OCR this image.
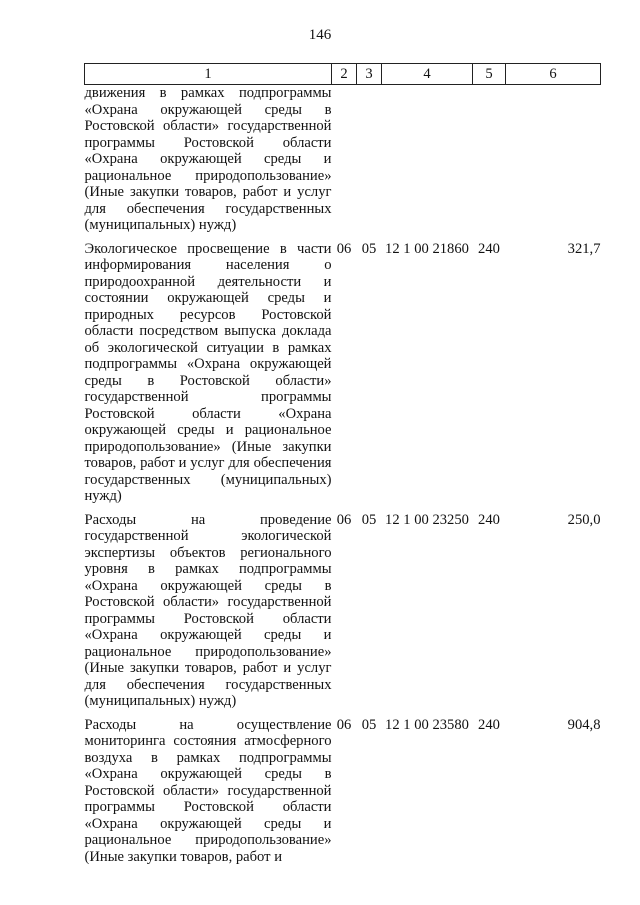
146
1	2	3	4	5	6
движения в рамках подпрограммы «Охрана окружающей среды в Ростовской области» государственной программы Ростовской области «Охрана окружающей среды и рациональное природопользование» (Иные закупки товаров, работ и услуг для обеспечения государственных (муниципальных) нужд)					

Экологическое просвещение в части информирования населения о природоохранной деятельности и состоянии окружающей среды и природных ресурсов Ростовской области посредством выпуска доклада об экологической ситуации в рамках подпрограммы «Охрана окружающей среды в Ростовской области» государственной программы Ростовской области «Охрана окружающей среды и рациональное природопользование» (Иные закупки товаров, работ и услуг для обеспечения государственных (муниципальных) нужд)	06	05	12 1 00 21860	240	321,7

Расходы на проведение государственной экологической экспертизы объектов регионального уровня в рамках подпрограммы «Охрана окружающей среды в Ростовской области» государственной программы Ростовской области «Охрана окружающей среды и рациональное природопользование» (Иные закупки товаров, работ и услуг для обеспечения государственных (муниципальных) нужд)	06	05	12 1 00 23250	240	250,0

Расходы на осуществление мониторинга состояния атмосферного воздуха в рамках подпрограммы «Охрана окружающей среды в Ростовской области» государственной программы Ростовской области «Охрана окружающей среды и рациональное природопользование» (Иные закупки товаров, работ и	06	05	12 1 00 23580	240	904,8
